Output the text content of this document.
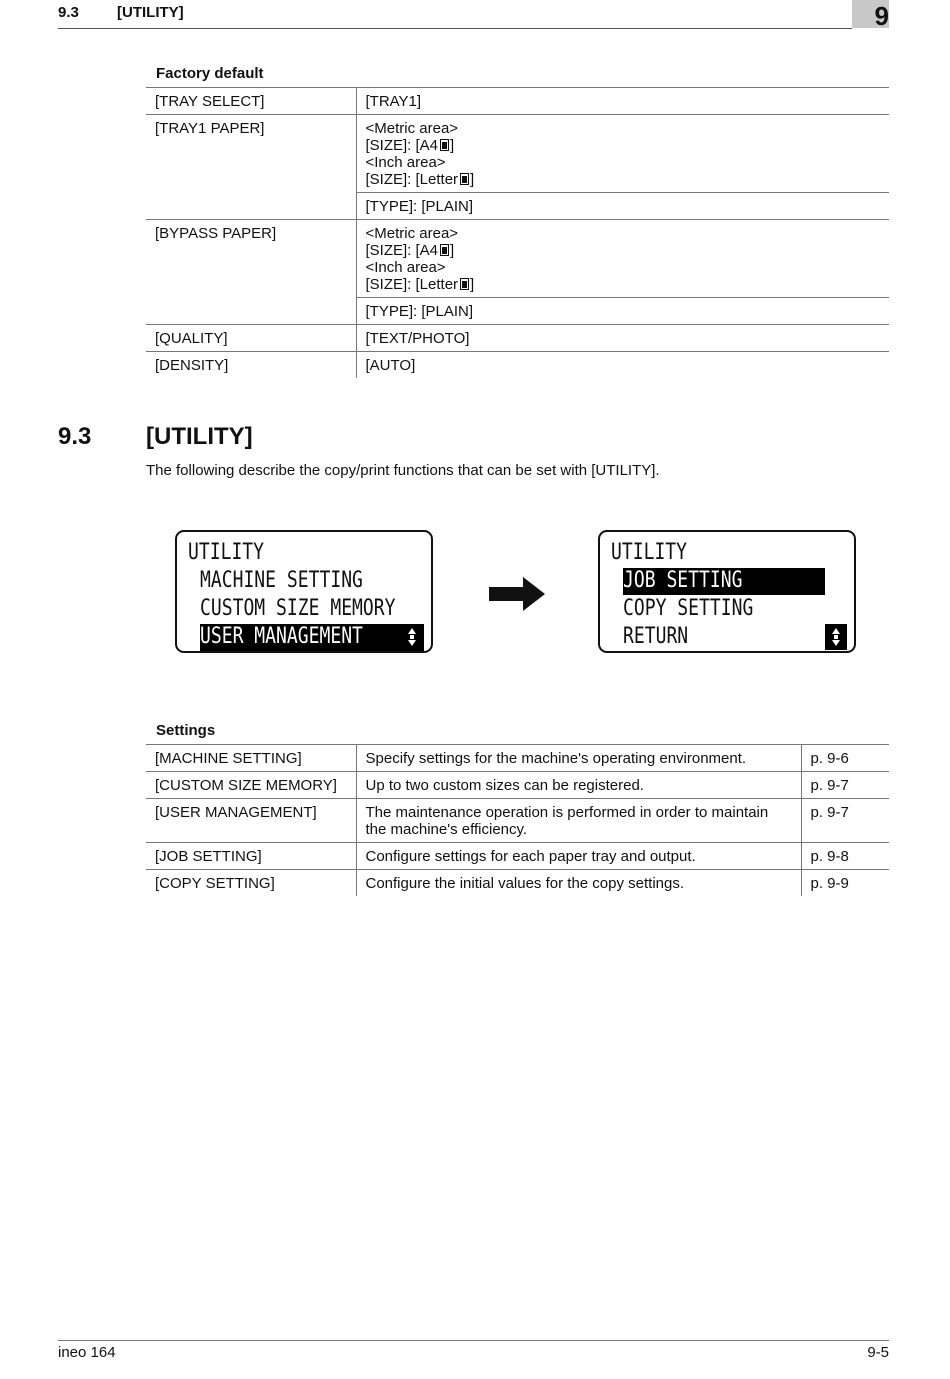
9.3	[UTILITY]	9
Factory default
[TRAY SELECT]	[TRAY1]
[TRAY1 PAPER]	<Metric area>
[SIZE]: [A4 ]
<Inch area>
[SIZE]: [Letter ]

	[TYPE]: [PLAIN]
[BYPASS PAPER]	<Metric area>
[SIZE]: [A4 ]
<Inch area>
[SIZE]: [Letter ]

	[TYPE]: [PLAIN]
[QUALITY]	[TEXT/PHOTO]
[DENSITY]	[AUTO]
9.3 [UTILITY]
The following describe the copy/print functions that can be set with [UTILITY].
UTILITY
MACHINE SETTING
CUSTOM SIZE MEMORY
USER MANAGEMENT
UTILITY
JOB SETTING
COPY SETTING
RETURN
Settings
[MACHINE SETTING]	Specify settings for the machine's operating environment.	p. 9-6
[CUSTOM SIZE MEMORY]	Up to two custom sizes can be registered.	p. 9-7
[USER MANAGEMENT]	The maintenance operation is performed in order to maintain the machine's efficiency.	p. 9-7
[JOB SETTING]	Configure settings for each paper tray and output.	p. 9-8
[COPY SETTING]	Configure the initial values for the copy settings.	p. 9-9
ineo 164	9-5
